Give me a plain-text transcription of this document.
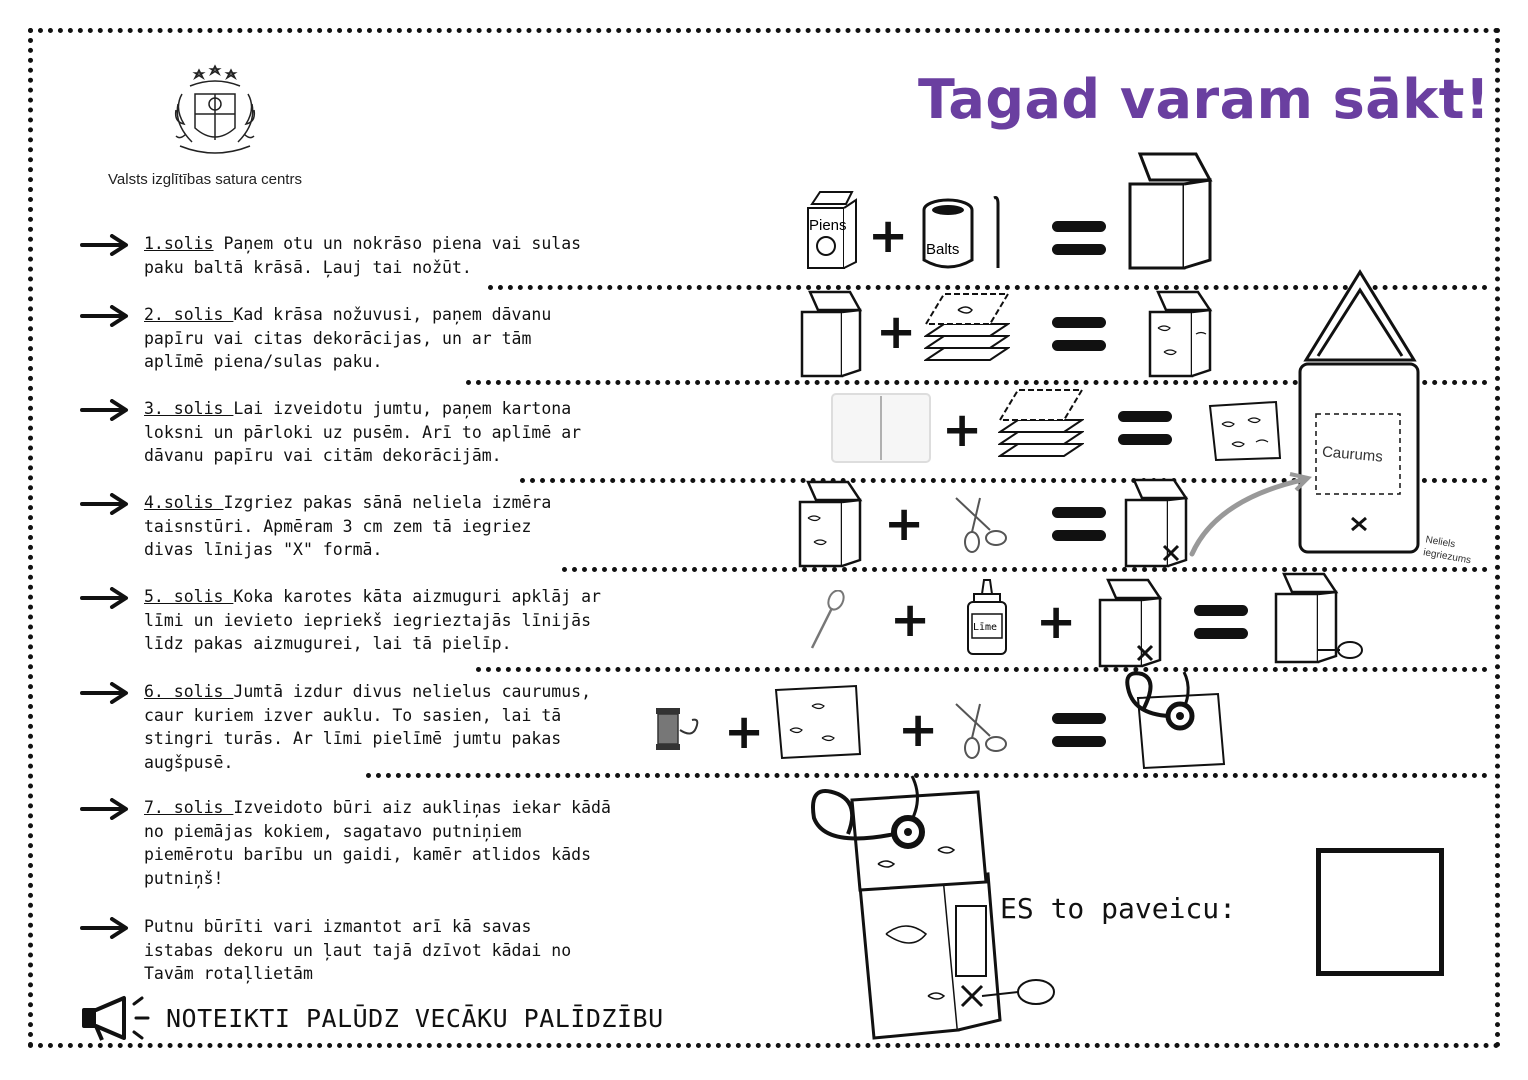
Valsts izglītības satura centrs
Tagad varam sākt!
1.solis Paņem otu un nokrāso piena vai sulas
paku baltā krāsā. Ļauj tai nožūt.
2. solis Kad krāsa nožuvusi, paņem dāvanu
papīru vai citas dekorācijas, un ar tām
aplīmē piena/sulas paku.
3. solis Lai izveidotu jumtu, paņem kartona
loksni un pārloki uz pusēm. Arī to aplīmē ar
dāvanu papīru vai citām dekorācijām.
4.solis Izgriez pakas sānā neliela izmēra
taisnstūri. Apmēram 3 cm zem tā iegriez
divas līnijas "X" formā.
5. solis Koka karotes kāta aizmuguri apklāj ar
līmi un ievieto iepriekš iegrieztajās līnijās
līdz pakas aizmugurei, lai tā pielīp.
6. solis Jumtā izdur divus nelielus caurumus,
caur kuriem izver auklu. To sasien, lai tā
stingri turās. Ar līmi pielīmē jumtu pakas
augšpusē.
7. solis Izveidoto būri aiz aukliņas iekar kādā
no piemājas kokiem, sagatavo putniņiem
piemērotu barību un gaidi, kamēr atlidos kāds
putniņš!
Putnu būrīti vari izmantot arī kā savas
istabas dekoru un ļaut tajā dzīvot kādai no
Tavām rotaļlietām
Piens + Balts
+
+	Caurums
Neliels iegriezums
+
+	Līme +
+	+
NOTEIKTI PALŪDZ VECĀKU PALĪDZĪBU
ES to paveicu:
